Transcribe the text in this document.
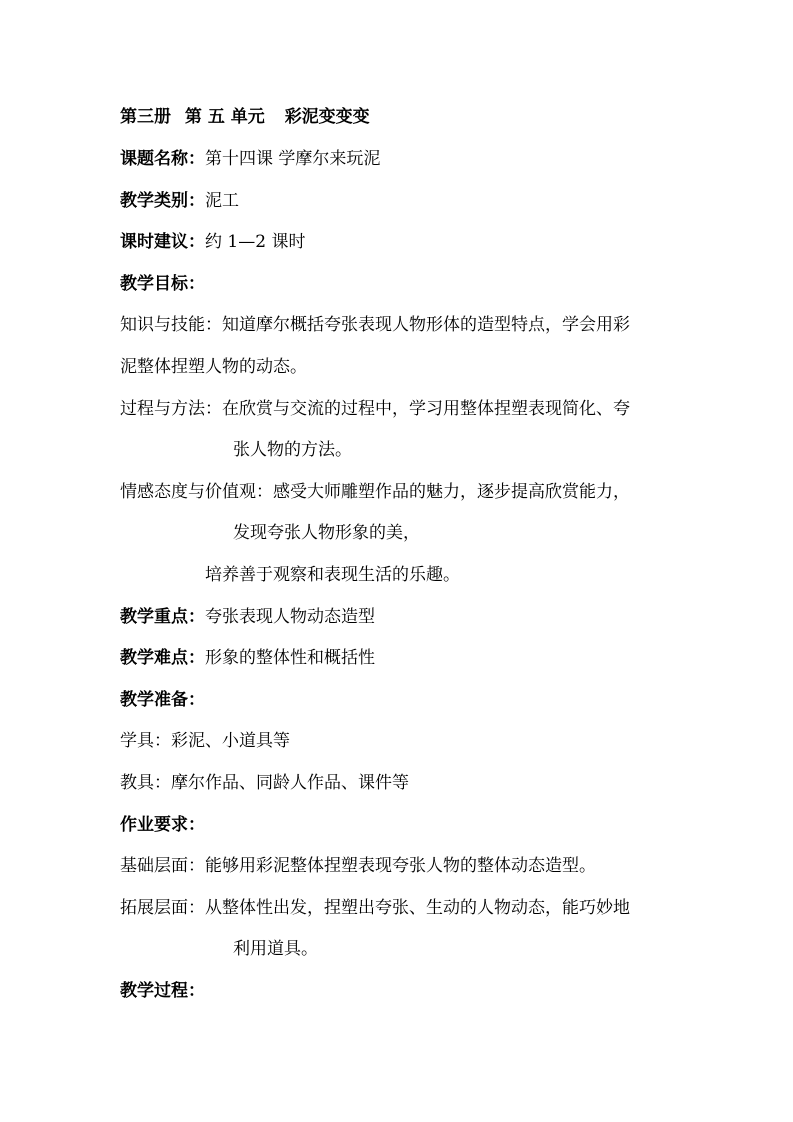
第三册 第 五 单元 彩泥变变变
课题名称：第十四课 学摩尔来玩泥
教学类别：泥工
课时建议：约 1—2 课时
教学目标：
知识与技能：知道摩尔概括夸张表现人物形体的造型特点，学会用彩
泥整体捏塑人物的动态。
过程与方法：在欣赏与交流的过程中，学习用整体捏塑表现简化、夸
张人物的方法。
情感态度与价值观：感受大师雕塑作品的魅力，逐步提高欣赏能力，
发现夸张人物形象的美，
培养善于观察和表现生活的乐趣。
教学重点：夸张表现人物动态造型
教学难点：形象的整体性和概括性
教学准备：
学具：彩泥、小道具等
教具：摩尔作品、同龄人作品、课件等
作业要求：
基础层面：能够用彩泥整体捏塑表现夸张人物的整体动态造型。
拓展层面：从整体性出发，捏塑出夸张、生动的人物动态，能巧妙地
利用道具。
教学过程：
